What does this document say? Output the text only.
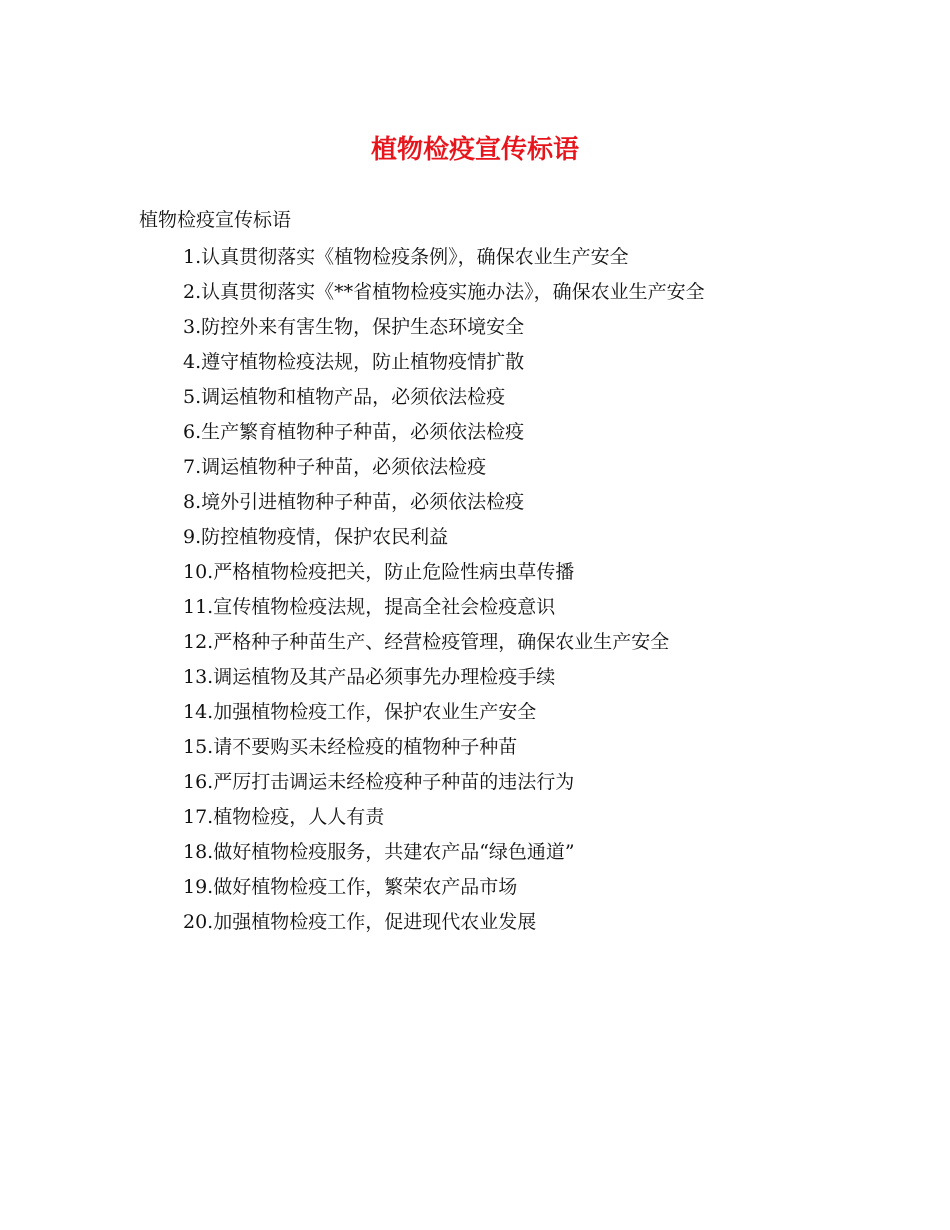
植物检疫宣传标语

植物检疫宣传标语

1.认真贯彻落实《植物检疫条例》，确保农业生产安全
2.认真贯彻落实《**省植物检疫实施办法》，确保农业生产安全
3.防控外来有害生物，保护生态环境安全
4.遵守植物检疫法规，防止植物疫情扩散
5.调运植物和植物产品，必须依法检疫
6.生产繁育植物种子种苗，必须依法检疫
7.调运植物种子种苗，必须依法检疫
8.境外引进植物种子种苗，必须依法检疫
9.防控植物疫情，保护农民利益
10.严格植物检疫把关，防止危险性病虫草传播
11.宣传植物检疫法规，提高全社会检疫意识
12.严格种子种苗生产、经营检疫管理，确保农业生产安全
13.调运植物及其产品必须事先办理检疫手续
14.加强植物检疫工作，保护农业生产安全
15.请不要购买未经检疫的植物种子种苗
16.严厉打击调运未经检疫种子种苗的违法行为
17.植物检疫，人人有责
18.做好植物检疫服务，共建农产品“绿色通道”
19.做好植物检疫工作，繁荣农产品市场
20.加强植物检疫工作，促进现代农业发展
